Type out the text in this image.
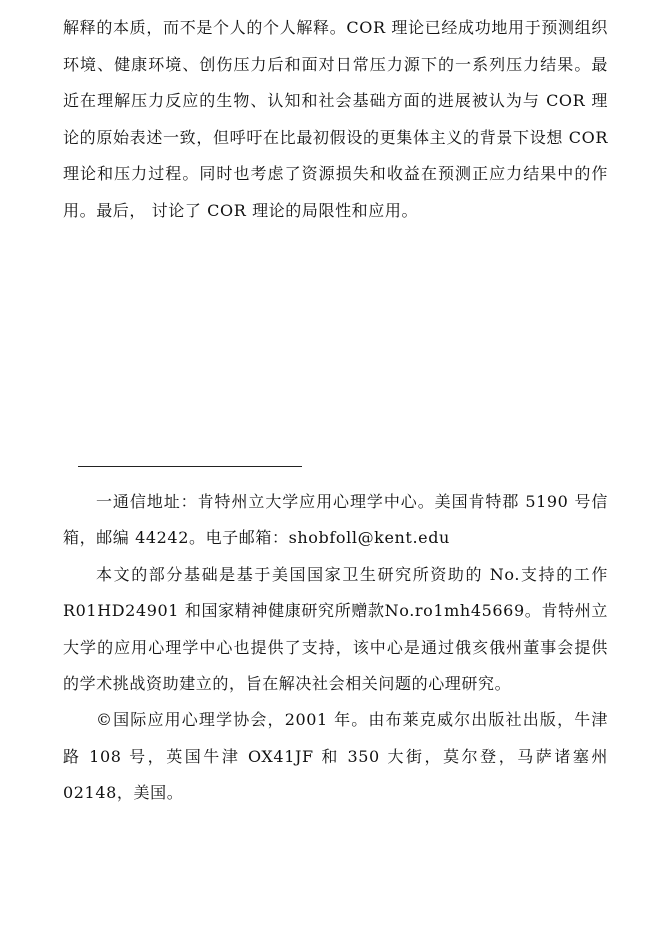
解释的本质，而不是个人的个人解释。COR 理论已经成功地用于预测组织环境、健康环境、创伤压力后和面对日常压力源下的一系列压力结果。最近在理解压力反应的生物、认知和社会基础方面的进展被认为与 COR 理论的原始表述一致，但呼吁在比最初假设的更集体主义的背景下设想 COR 理论和压力过程。同时也考虑了资源损失和收益在预测正应力结果中的作用。最后， 讨论了 COR 理论的局限性和应用。

一通信地址：肯特州立大学应用心理学中心。美国肯特郡 5190 号信箱，邮编 44242。电子邮箱：shobfoll@kent.edu

本文的部分基础是基于美国国家卫生研究所资助的 No.支持的工作 R01HD24901 和国家精神健康研究所赠款No.ro1mh45669。肯特州立大学的应用心理学中心也提供了支持，该中心是通过俄亥俄州董事会提供的学术挑战资助建立的，旨在解决社会相关问题的心理研究。

©国际应用心理学协会，2001 年。由布莱克威尔出版社出版，牛津路 108 号，英国牛津 OX41JF 和 350 大街，莫尔登，马萨诸塞州 02148，美国。
